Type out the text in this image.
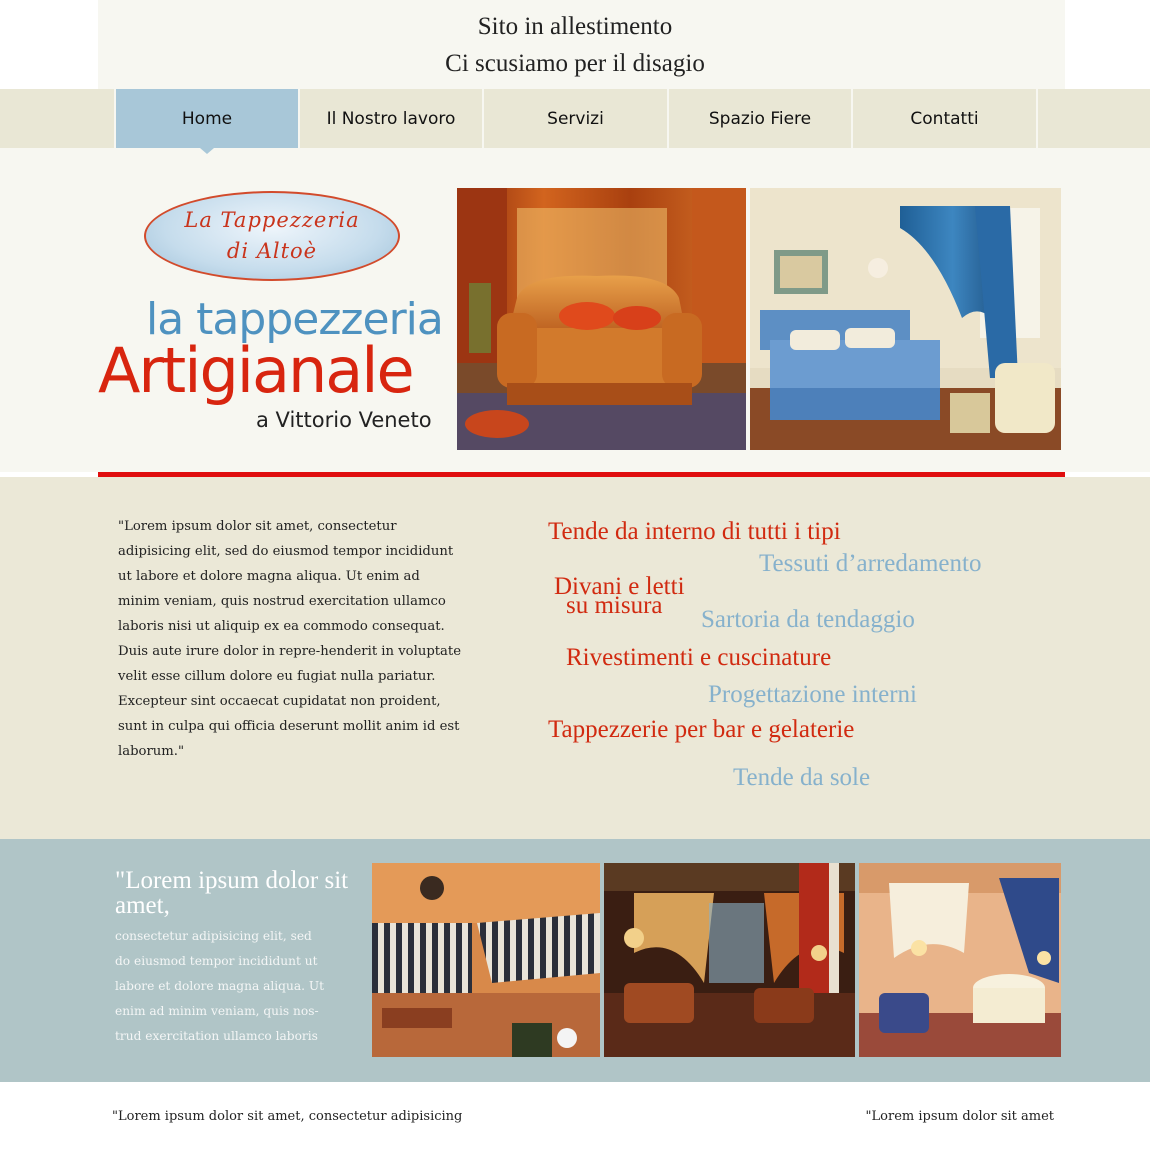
Sito in allestimento
Ci scusiamo per il disagio
Home	Il Nostro lavoro	Servizi	Spazio Fiere	Contatti
La Tappezzeria
di Altoè
la tappezzeria
Artigianale
a Vittorio Veneto
"Lorem ipsum dolor sit amet, consectetur adipisicing elit, sed do eiusmod tempor incididunt ut labore et dolore magna aliqua. Ut enim ad minim veniam, quis nostrud exercitation ullamco laboris nisi ut aliquip ex ea commodo consequat. Duis aute irure dolor in repre-henderit in voluptate velit esse cillum dolore eu fugiat nulla pariatur. Excepteur sint occaecat cupidatat non proident, sunt in culpa qui officia deserunt mollit anim id est laborum."
Tende da interno di tutti i tipi
Tessuti d’arredamento
Divani e letti
su misura
Sartoria da tendaggio
Rivestimenti e cuscinature
Progettazione interni
Tappezzerie per bar e gelaterie
Tende da sole
"Lorem ipsum dolor sit amet,
consectetur adipisicing elit, sed do eiusmod tempor incididunt ut labore et dolore magna aliqua. Ut enim ad minim veniam, quis nos-trud exercitation ullamco laboris
"Lorem ipsum dolor sit amet, consectetur adipisicing	"Lorem ipsum dolor sit amet
